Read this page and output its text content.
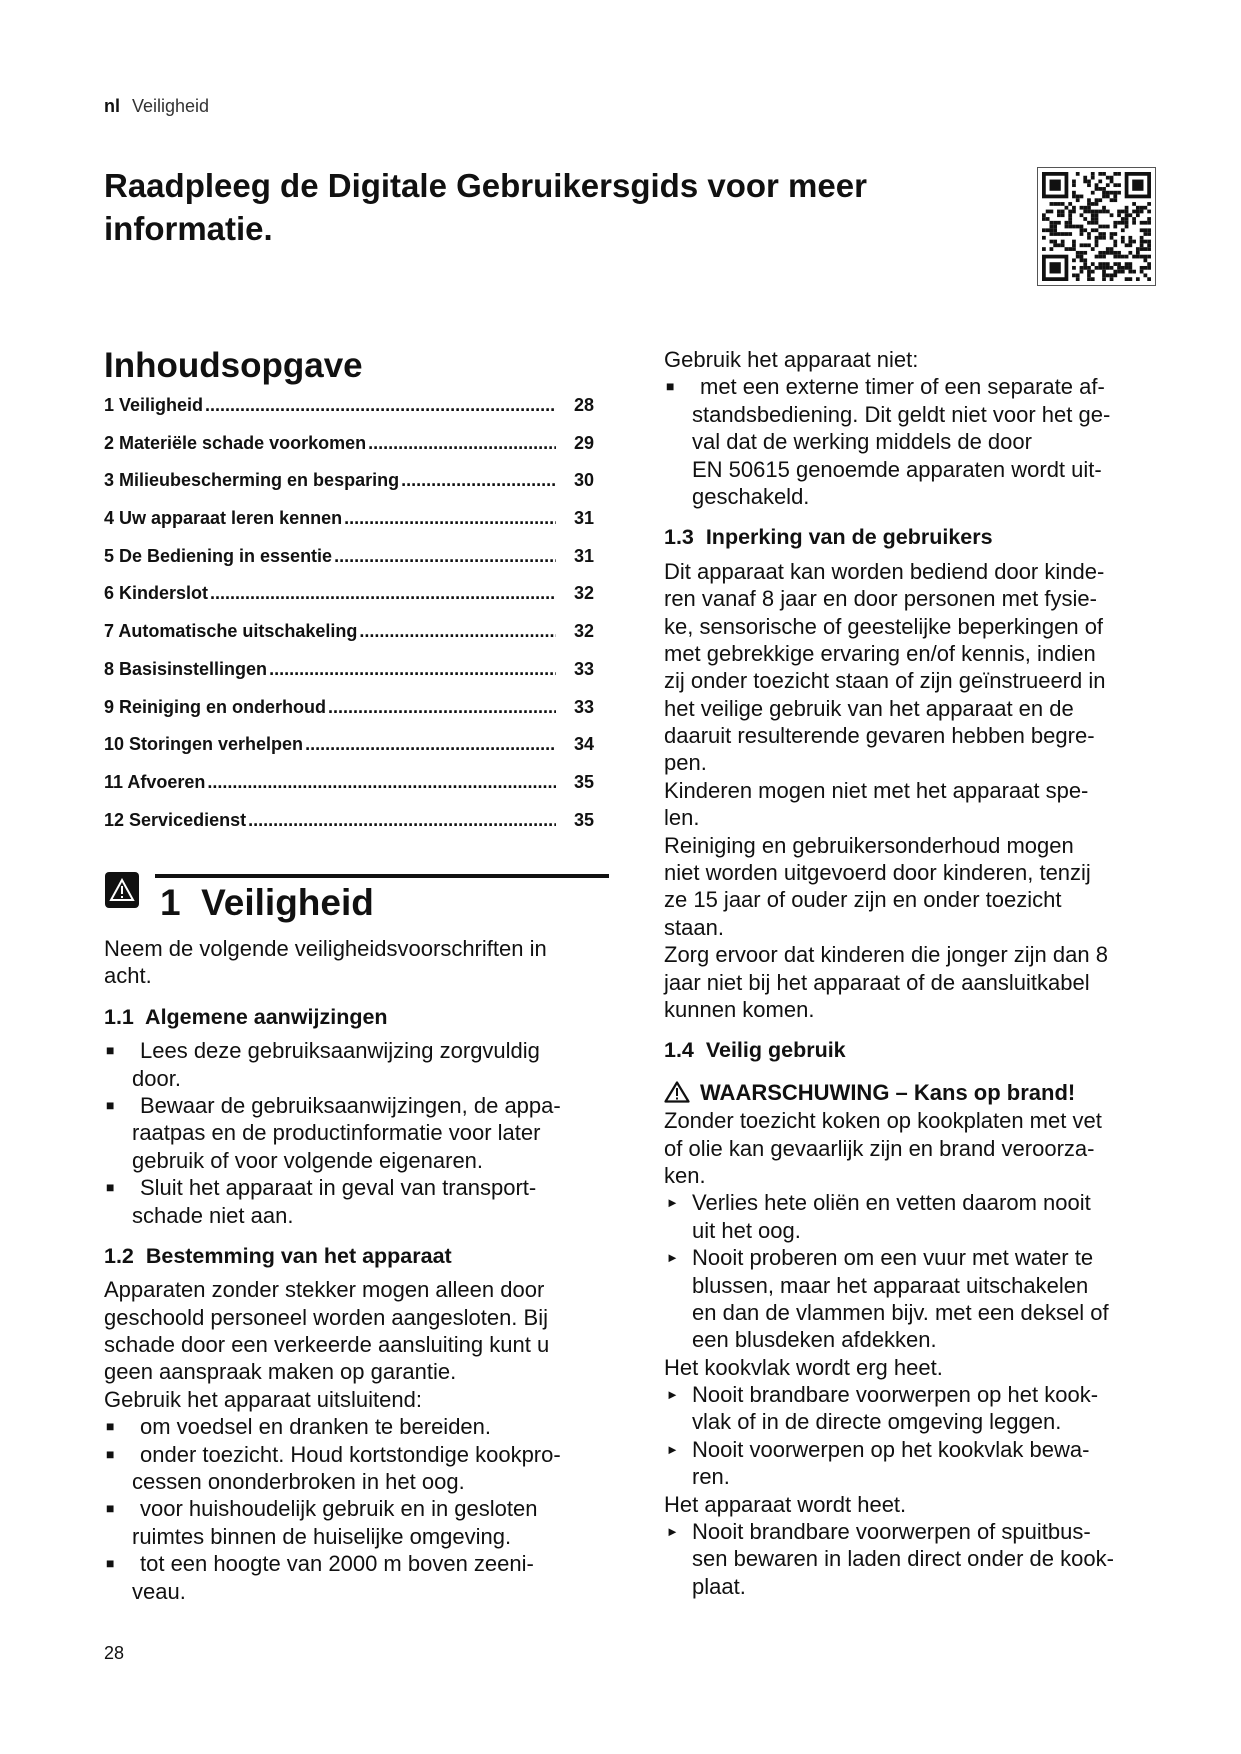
nl Veiligheid
Raadpleeg de Digitale Gebruikersgids voor meer informatie.
Inhoudsopgave
1 Veiligheid .....	28
2 Materiële schade voorkomen .....	29
3 Milieubescherming en besparing .....	30
4 Uw apparaat leren kennen .....	31
5 De Bediening in essentie .....	31
6 Kinderslot .....	32
7 Automatische uitschakeling .....	32
8 Basisinstellingen .....	33
9 Reiniging en onderhoud .....	33
10 Storingen verhelpen .....	34
11 Afvoeren .....	35
12 Servicedienst .....	35
1  Veiligheid
Neem de volgende veiligheidsvoorschriften in
acht.
1.1  Algemene aanwijzingen
■	Lees deze gebruiksaanwijzing zorgvuldig
door.
■	Bewaar de gebruiksaanwijzingen, de appa-
raatpas en de productinformatie voor later
gebruik of voor volgende eigenaren.
■	Sluit het apparaat in geval van transport-
schade niet aan.
1.2  Bestemming van het apparaat
Apparaten zonder stekker mogen alleen door
geschoold personeel worden aangesloten. Bij
schade door een verkeerde aansluiting kunt u
geen aanspraak maken op garantie.
Gebruik het apparaat uitsluitend:
■	om voedsel en dranken te bereiden.
■	onder toezicht. Houd kortstondige kookpro-
cessen ononderbroken in het oog.
■	voor huishoudelijk gebruik en in gesloten
ruimtes binnen de huiselijke omgeving.
■	tot een hoogte van 2000 m boven zeeni-
veau.
Gebruik het apparaat niet:
■	met een externe timer of een separate af-
standsbediening. Dit geldt niet voor het ge-
val dat de werking middels de door
EN 50615 genoemde apparaten wordt uit-
geschakeld.
1.3  Inperking van de gebruikers
Dit apparaat kan worden bediend door kinde-
ren vanaf 8 jaar en door personen met fysie-
ke, sensorische of geestelijke beperkingen of
met gebrekkige ervaring en/of kennis, indien
zij onder toezicht staan of zijn geïnstrueerd in
het veilige gebruik van het apparaat en de
daaruit resulterende gevaren hebben begre-
pen.
Kinderen mogen niet met het apparaat spe-
len.
Reiniging en gebruikersonderhoud mogen
niet worden uitgevoerd door kinderen, tenzij
ze 15 jaar of ouder zijn en onder toezicht
staan.
Zorg ervoor dat kinderen die jonger zijn dan 8
jaar niet bij het apparaat of de aansluitkabel
kunnen komen.
1.4  Veilig gebruik
WAARSCHUWING – Kans op brand!
Zonder toezicht koken op kookplaten met vet
of olie kan gevaarlijk zijn en brand veroorza-
ken.
► Verlies hete oliën en vetten daarom nooit
uit het oog.
► Nooit proberen om een vuur met water te
blussen, maar het apparaat uitschakelen
en dan de vlammen bijv. met een deksel of
een blusdeken afdekken.
Het kookvlak wordt erg heet.
► Nooit brandbare voorwerpen op het kook-
vlak of in de directe omgeving leggen.
► Nooit voorwerpen op het kookvlak bewa-
ren.
Het apparaat wordt heet.
► Nooit brandbare voorwerpen of spuitbus-
sen bewaren in laden direct onder de kook-
plaat.
28
